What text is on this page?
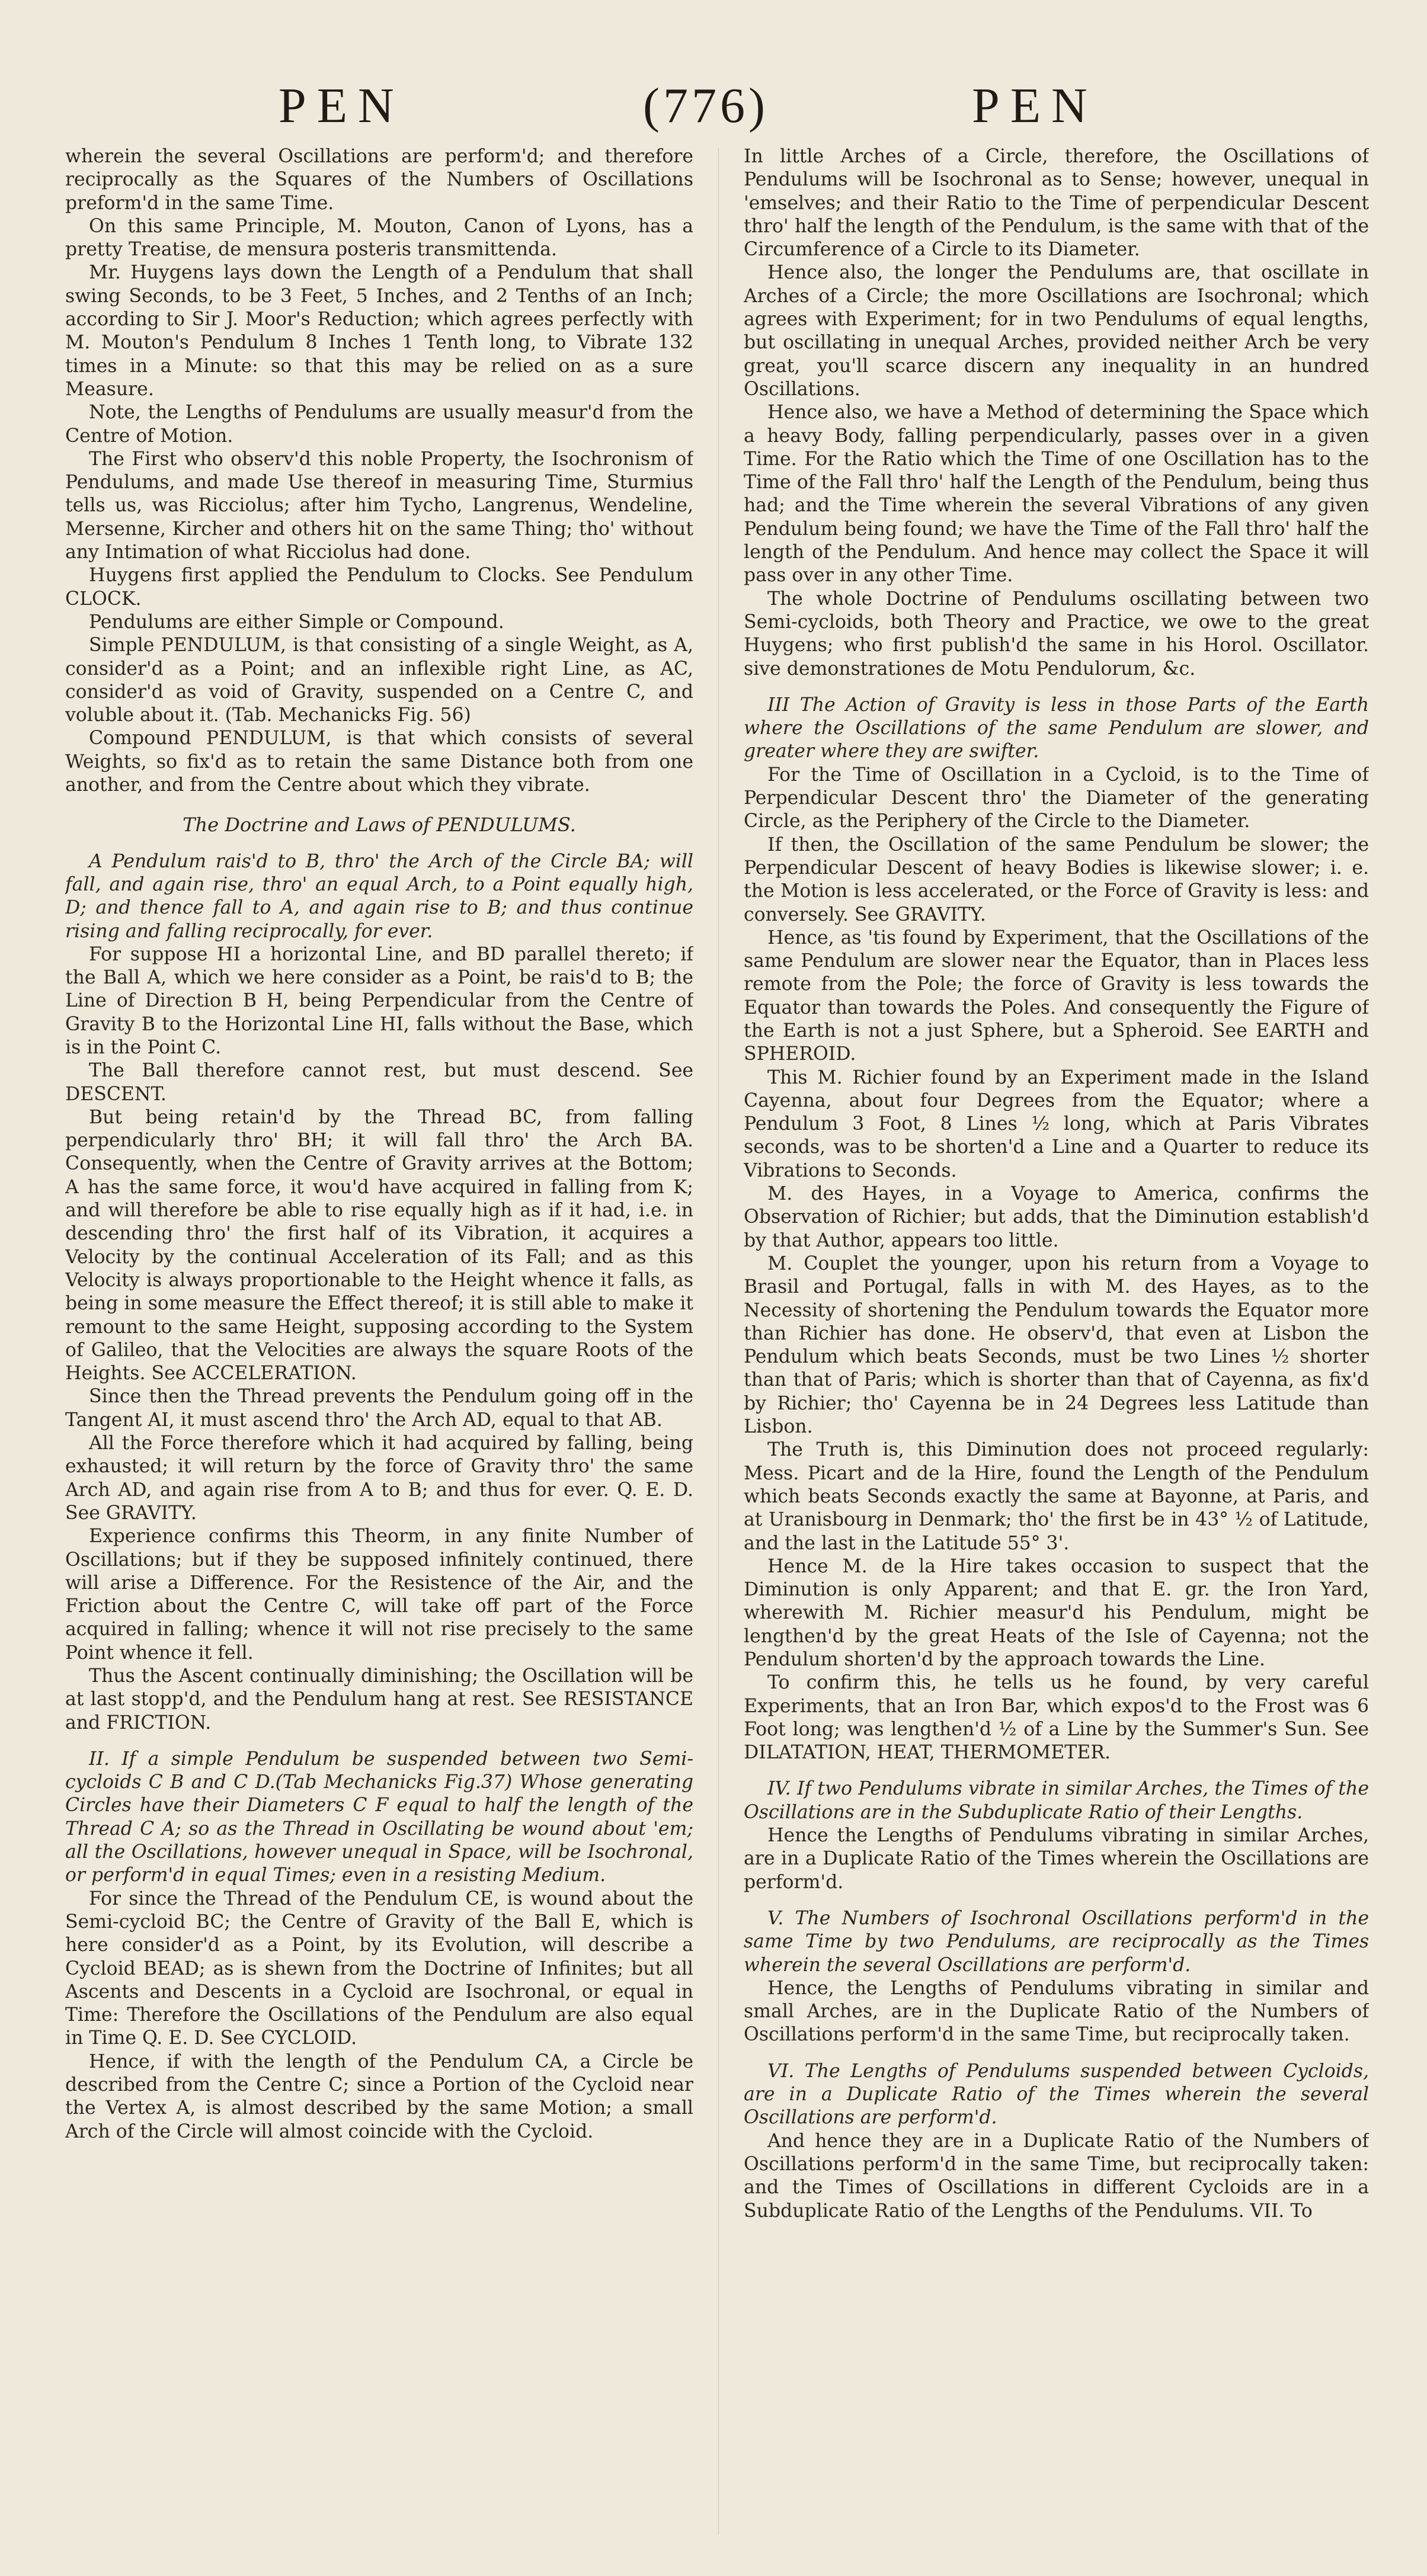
PEN	(776)	PEN

wherein the several Oscillations are perform'd; and therefore reciprocally as the Squares of the Numbers of Oscillations preform'd in the same Time.

On this same Principle, M. Mouton, Canon of Lyons, has a pretty Treatise, de mensura posteris transmittenda.

Mr. Huygens lays down the Length of a Pendulum that shall swing Seconds, to be 3 Feet, 5 Inches, and 2 Tenths of an Inch; according to Sir J. Moor's Reduction; which agrees perfectly with M. Mouton's Pendulum 8 Inches 1 Tenth long, to Vibrate 132 times in a Minute: so that this may be relied on as a sure Measure.

Note, the Lengths of Pendulums are usually measur'd from the Centre of Motion.

The First who observ'd this noble Property, the Isochronism of Pendulums, and made Use thereof in measuring Time, Sturmius tells us, was Ricciolus; after him Tycho, Langrenus, Wendeline, Mersenne, Kircher and others hit on the same Thing; tho' without any Intimation of what Ricciolus had done.

Huygens first applied the Pendulum to Clocks. See Pendulum CLOCK.

Pendulums are either Simple or Compound.

Simple PENDULUM, is that consisting of a single Weight, as A, consider'd as a Point; and an inflexible right Line, as AC, consider'd as void of Gravity, suspended on a Centre C, and voluble about it. (Tab. Mechanicks Fig. 56)

Compound PENDULUM, is that which consists of several Weights, so fix'd as to retain the same Distance both from one another, and from the Centre about which they vibrate.

The Doctrine and Laws of PENDULUMS.

A Pendulum rais'd to B, thro' the Arch of the Circle BA; will fall, and again rise, thro' an equal Arch, to a Point equally high, D; and thence fall to A, and again rise to B; and thus continue rising and falling reciprocally, for ever.

For suppose HI a horizontal Line, and BD parallel thereto; if the Ball A, which we here consider as a Point, be rais'd to B; the Line of Direction B H, being Perpendicular from the Centre of Gravity B to the Horizontal Line HI, falls without the Base, which is in the Point C.

The Ball therefore cannot rest, but must descend. See DESCENT.

But being retain'd by the Thread BC, from falling perpendicularly thro' BH; it will fall thro' the Arch BA. Consequently, when the Centre of Gravity arrives at the Bottom; A has the same force, it wou'd have acquired in falling from K; and will therefore be able to rise equally high as if it had, i.e. in descending thro' the first half of its Vibration, it acquires a Velocity by the continual Acceleration of its Fall; and as this Velocity is always proportionable to the Height whence it falls, as being in some measure the Effect thereof; it is still able to make it remount to the same Height, supposing according to the System of Galileo, that the Velocities are always the square Roots of the Heights. See ACCELERATION.

Since then the Thread prevents the Pendulum going off in the Tangent AI, it must ascend thro' the Arch AD, equal to that AB.

All the Force therefore which it had acquired by falling, being exhausted; it will return by the force of Gravity thro' the same Arch AD, and again rise from A to B; and thus for ever. Q. E. D. See GRAVITY.

Experience confirms this Theorm, in any finite Number of Oscillations; but if they be supposed infinitely continued, there will arise a Difference. For the Resistence of the Air, and the Friction about the Centre C, will take off part of the Force acquired in falling; whence it will not rise precisely to the same Point whence it fell.

Thus the Ascent continually diminishing; the Oscillation will be at last stopp'd, and the Pendulum hang at rest. See RESISTANCE and FRICTION.

II. If a simple Pendulum be suspended between two Semi-cycloids C B and C D.(Tab Mechanicks Fig.37) Whose generating Circles have their Diameters C F equal to half the length of the Thread C A; so as the Thread in Oscillating be wound about 'em; all the Oscillations, however unequal in Space, will be Isochronal, or perform'd in equal Times; even in a resisting Medium.

For since the Thread of the Pendulum CE, is wound about the Semi-cycloid BC; the Centre of Gravity of the Ball E, which is here consider'd as a Point, by its Evolution, will describe a Cycloid BEAD; as is shewn from the Doctrine of Infinites; but all Ascents and Descents in a Cycloid are Isochronal, or equal in Time: Therefore the Oscillations of the Pendulum are also equal in Time Q. E. D. See CYCLOID.

Hence, if with the length of the Pendulum CA, a Circle be described from the Centre C; since a Portion of the Cycloid near the Vertex A, is almost described by the same Motion; a small Arch of the Circle will almost coincide with the Cycloid.

In little Arches of a Circle, therefore, the Oscillations of Pendulums will be Isochronal as to Sense; however, unequal in 'emselves; and their Ratio to the Time of perpendicular Descent thro' half the length of the Pendulum, is the same with that of the Circumference of a Circle to its Diameter.

Hence also, the longer the Pendulums are, that oscillate in Arches of a Circle; the more Oscillations are Isochronal; which agrees with Experiment; for in two Pendulums of equal lengths, but oscillating in unequal Arches, provided neither Arch be very great, you'll scarce discern any inequality in an hundred Oscillations.

Hence also, we have a Method of determining the Space which a heavy Body, falling perpendicularly, passes over in a given Time. For the Ratio which the Time of one Oscillation has to the Time of the Fall thro' half the Length of the Pendulum, being thus had; and the Time wherein the several Vibrations of any given Pendulum being found; we have the Time of the Fall thro' half the length of the Pendulum. And hence may collect the Space it will pass over in any other Time.

The whole Doctrine of Pendulums oscillating between two Semi-cycloids, both Theory and Practice, we owe to the great Huygens; who first publish'd the same in his Horol. Oscillator. sive demonstrationes de Motu Pendulorum, &c.

III The Action of Gravity is less in those Parts of the Earth where the Oscillations of the same Pendulum are slower, and greater where they are swifter.

For the Time of Oscillation in a Cycloid, is to the Time of Perpendicular Descent thro' the Diameter of the generating Circle, as the Periphery of the Circle to the Diameter.

If then, the Oscillation of the same Pendulum be slower; the Perpendicular Descent of heavy Bodies is likewise slower; i. e. the Motion is less accelerated, or the Force of Gravity is less: and conversely. See GRAVITY.

Hence, as 'tis found by Experiment, that the Oscillations of the same Pendulum are slower near the Equator, than in Places less remote from the Pole; the force of Gravity is less towards the Equator than towards the Poles. And consequently the Figure of the Earth is not a just Sphere, but a Spheroid. See EARTH and SPHEROID.

This M. Richier found by an Experiment made in the Island Cayenna, about four Degrees from the Equator; where a Pendulum 3 Foot, 8 Lines ½ long, which at Paris Vibrates seconds, was to be shorten'd a Line and a Quarter to reduce its Vibrations to Seconds.

M. des Hayes, in a Voyage to America, confirms the Observation of Richier; but adds, that the Diminution establish'd by that Author, appears too little.

M. Couplet the younger, upon his return from a Voyage to Brasil and Portugal, falls in with M. des Hayes, as to the Necessity of shortening the Pendulum towards the Equator more than Richier has done. He observ'd, that even at Lisbon the Pendulum which beats Seconds, must be two Lines ½ shorter than that of Paris; which is shorter than that of Cayenna, as fix'd by Richier; tho' Cayenna be in 24 Degrees less Latitude than Lisbon.

The Truth is, this Diminution does not proceed regularly: Mess. Picart and de la Hire, found the Length of the Pendulum which beats Seconds exactly the same at Bayonne, at Paris, and at Uranisbourg in Denmark; tho' the first be in 43° ½ of Latitude, and the last in the Latitude 55° 3'.

Hence M. de la Hire takes occasion to suspect that the Diminution is only Apparent; and that E. gr. the Iron Yard, wherewith M. Richier measur'd his Pendulum, might be lengthen'd by the great Heats of the Isle of Cayenna; not the Pendulum shorten'd by the approach towards the Line.

To confirm this, he tells us he found, by very careful Experiments, that an Iron Bar, which expos'd to the Frost was 6 Foot long; was lengthen'd ½ of a Line by the Summer's Sun. See DILATATION, HEAT, THERMOMETER.

IV. If two Pendulums vibrate in similar Arches, the Times of the Oscillations are in the Subduplicate Ratio of their Lengths.

Hence the Lengths of Pendulums vibrating in similar Arches, are in a Duplicate Ratio of the Times wherein the Oscillations are perform'd.

V. The Numbers of Isochronal Oscillations perform'd in the same Time by two Pendulums, are reciprocally as the Times wherein the several Oscillations are perform'd.

Hence, the Lengths of Pendulums vibrating in similar and small Arches, are in the Duplicate Ratio of the Numbers of Oscillations perform'd in the same Time, but reciprocally taken.

VI. The Lengths of Pendulums suspended between Cycloids, are in a Duplicate Ratio of the Times wherein the several Oscillations are perform'd.

And hence they are in a Duplicate Ratio of the Numbers of Oscillations perform'd in the same Time, but reciprocally taken: and the Times of Oscillations in different Cycloids are in a Subduplicate Ratio of the Lengths of the Pendulums. VII. To
